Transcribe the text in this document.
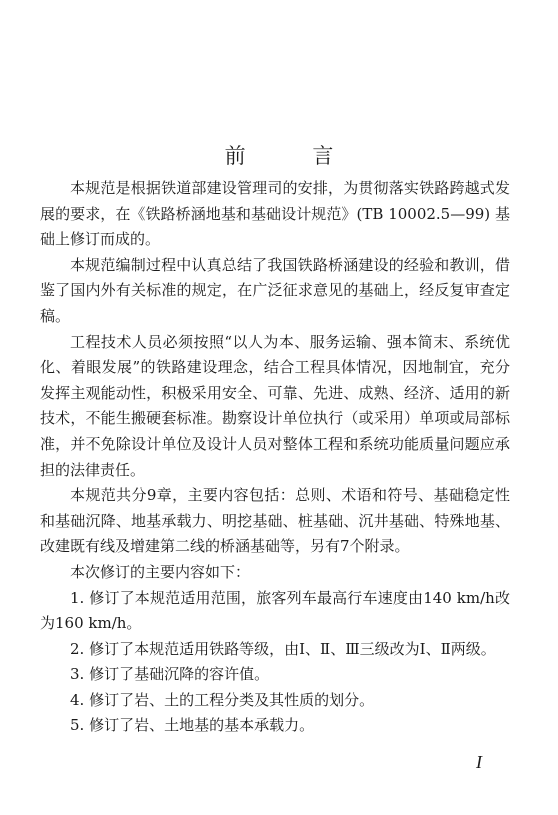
前 言

本规范是根据铁道部建设管理司的安排，为贯彻落实铁路跨越式发展的要求，在《铁路桥涵地基和基础设计规范》(TB 10002.5—99) 基础上修订而成的。

本规范编制过程中认真总结了我国铁路桥涵建设的经验和教训，借鉴了国内外有关标准的规定，在广泛征求意见的基础上，经反复审查定稿。

工程技术人员必须按照“以人为本、服务运输、强本简末、系统优化、着眼发展”的铁路建设理念，结合工程具体情况，因地制宜，充分发挥主观能动性，积极采用安全、可靠、先进、成熟、经济、适用的新技术，不能生搬硬套标准。勘察设计单位执行（或采用）单项或局部标准，并不免除设计单位及设计人员对整体工程和系统功能质量问题应承担的法律责任。

本规范共分9章，主要内容包括：总则、术语和符号、基础稳定性和基础沉降、地基承载力、明挖基础、桩基础、沉井基础、特殊地基、改建既有线及增建第二线的桥涵基础等，另有7个附录。

本次修订的主要内容如下：

1. 修订了本规范适用范围，旅客列车最高行车速度由140 km/h改为160 km/h。

2. 修订了本规范适用铁路等级，由Ⅰ、Ⅱ、Ⅲ三级改为Ⅰ、Ⅱ两级。

3. 修订了基础沉降的容许值。

4. 修订了岩、土的工程分类及其性质的划分。

5. 修订了岩、土地基的基本承载力。

I
